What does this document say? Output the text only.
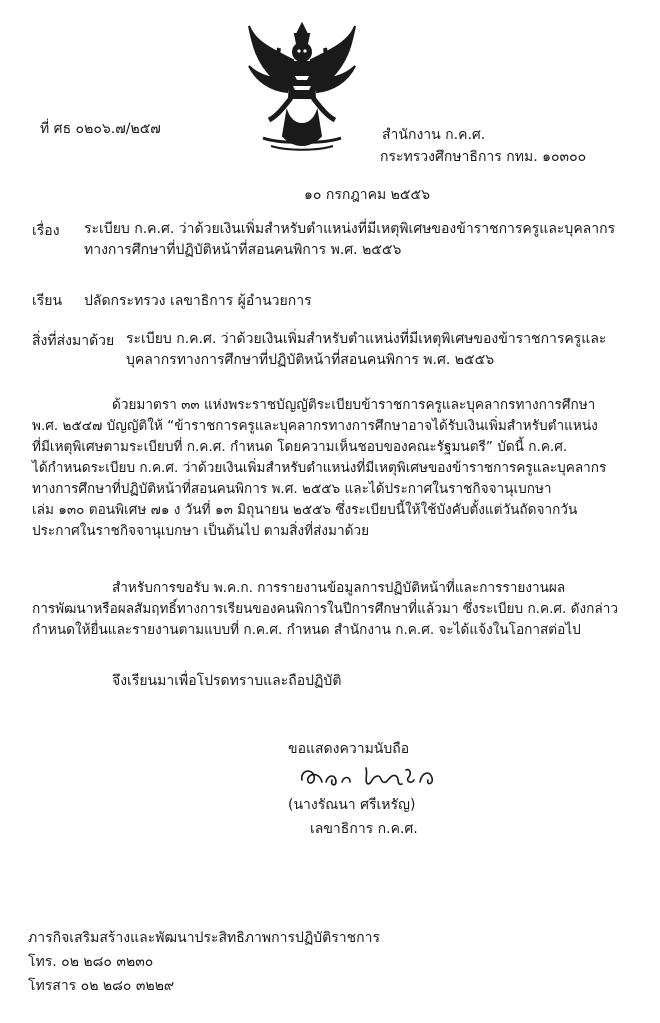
ที่ ศธ ๐๒๐๖.๗/๒๕๗	สำนักงาน ก.ค.ศ.
กระทรวงศึกษาธิการ กทม. ๑๐๓๐๐
๑๐ กรกฎาคม ๒๕๕๖
เรื่อง ระเบียบ ก.ค.ศ. ว่าด้วยเงินเพิ่มสำหรับตำแหน่งที่มีเหตุพิเศษของข้าราชการครูและบุคลากร
ทางการศึกษาที่ปฏิบัติหน้าที่สอนคนพิการ พ.ศ. ๒๕๕๖
เรียน ปลัดกระทรวง เลขาธิการ ผู้อำนวยการ
สิ่งที่ส่งมาด้วย ระเบียบ ก.ค.ศ. ว่าด้วยเงินเพิ่มสำหรับตำแหน่งที่มีเหตุพิเศษของข้าราชการครูและ
บุคลากรทางการศึกษาที่ปฏิบัติหน้าที่สอนคนพิการ พ.ศ. ๒๕๕๖
ด้วยมาตรา ๓๓ แห่งพระราชบัญญัติระเบียบข้าราชการครูและบุคลากรทางการศึกษา
พ.ศ. ๒๕๔๗ บัญญัติให้ “ข้าราชการครูและบุคลากรทางการศึกษาอาจได้รับเงินเพิ่มสำหรับตำแหน่ง
ที่มีเหตุพิเศษตามระเบียบที่ ก.ค.ศ. กำหนด โดยความเห็นชอบของคณะรัฐมนตรี” บัดนี้ ก.ค.ศ.
ได้กำหนดระเบียบ ก.ค.ศ. ว่าด้วยเงินเพิ่มสำหรับตำแหน่งที่มีเหตุพิเศษของข้าราชการครูและบุคลากร
ทางการศึกษาที่ปฏิบัติหน้าที่สอนคนพิการ พ.ศ. ๒๕๕๖ และได้ประกาศในราชกิจจานุเบกษา
เล่ม ๑๓๐ ตอนพิเศษ ๗๑ ง วันที่ ๑๓ มิถุนายน ๒๕๕๖ ซึ่งระเบียบนี้ให้ใช้บังคับตั้งแต่วันถัดจากวัน
ประกาศในราชกิจจานุเบกษา เป็นต้นไป ตามสิ่งที่ส่งมาด้วย
สำหรับการขอรับ พ.ค.ก. การรายงานข้อมูลการปฏิบัติหน้าที่และการรายงานผล
การพัฒนาหรือผลสัมฤทธิ์ทางการเรียนของคนพิการในปีการศึกษาที่แล้วมา ซึ่งระเบียบ ก.ค.ศ. ดังกล่าว
กำหนดให้ยื่นและรายงานตามแบบที่ ก.ค.ศ. กำหนด สำนักงาน ก.ค.ศ. จะได้แจ้งในโอกาสต่อไป
จึงเรียนมาเพื่อโปรดทราบและถือปฏิบัติ
ขอแสดงความนับถือ
(นางรัณนา ศรีเหรัญ)
เลขาธิการ ก.ค.ศ.
ภารกิจเสริมสร้างและพัฒนาประสิทธิภาพการปฏิบัติราชการ
โทร. ๐๒ ๒๘๐ ๓๒๓๐
โทรสาร ๐๒ ๒๘๐ ๓๒๒๙
